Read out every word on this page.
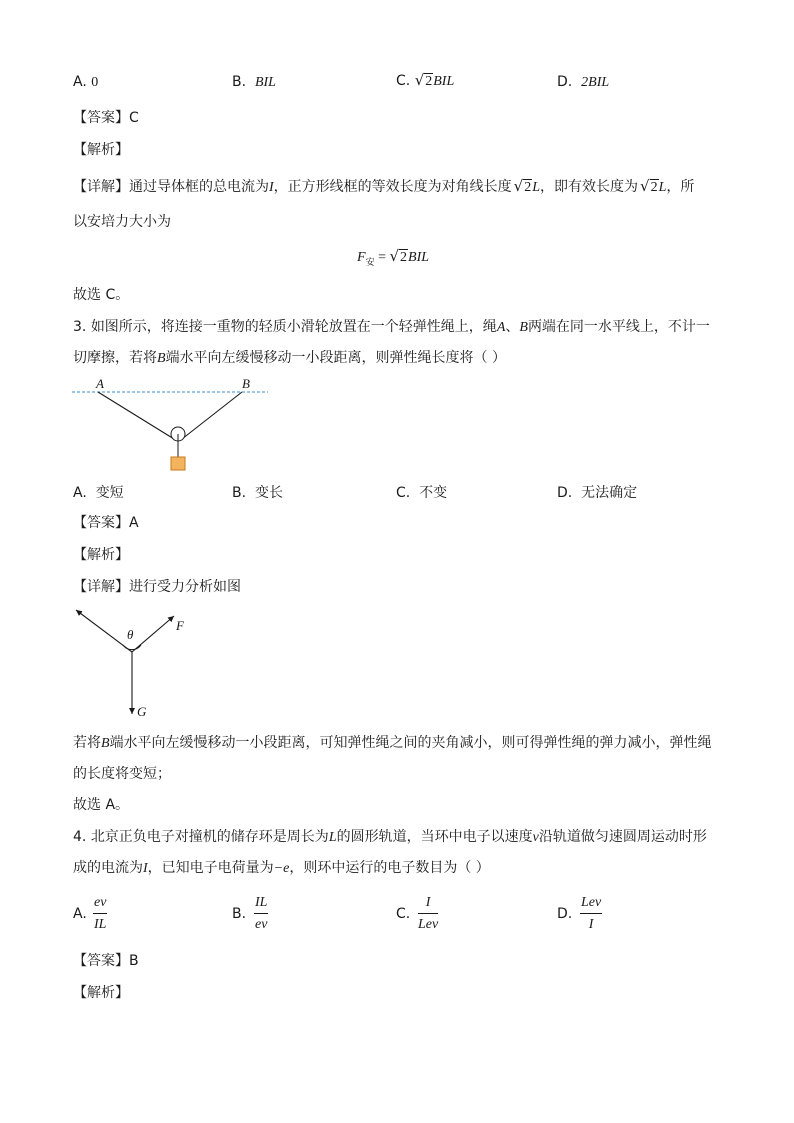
A. 0	B. BIL	C. √2BIL	D. 2BIL
【答案】C
【解析】
【详解】通过导体框的总电流为I，正方形线框的等效长度为对角线长度 √2L，即有效长度为 √2L，所
以安培力大小为
$F_安 = √2BIL$
故选 C。
3. 如图所示，将连接一重物的轻质小滑轮放置在一个轻弹性绳上，绳A、B两端在同一水平线上，不计一
切摩擦，若将B端水平向左缓慢移动一小段距离，则弹性绳长度将（ ）
A	B
A. 变短	B. 变长	C. 不变	D. 无法确定
【答案】A
【解析】
【详解】进行受力分析如图
θ
F
G
若将B端水平向左缓慢移动一小段距离，可知弹性绳之间的夹角减小，则可得弹性绳的弹力减小，弹性绳
的长度将变短；
故选 A。
4. 北京正负电子对撞机的储存环是周长为L的圆形轨道，当环中电子以速度v沿轨道做匀速圆周运动时形
成的电流为I，已知电子电荷量为−e，则环中运行的电子数目为（ ）
A. $\frac{ev}{IL}$	B. $\frac{IL}{ev}$	C.
I
Lev
D.
Lev
I
【答案】B
【解析】
